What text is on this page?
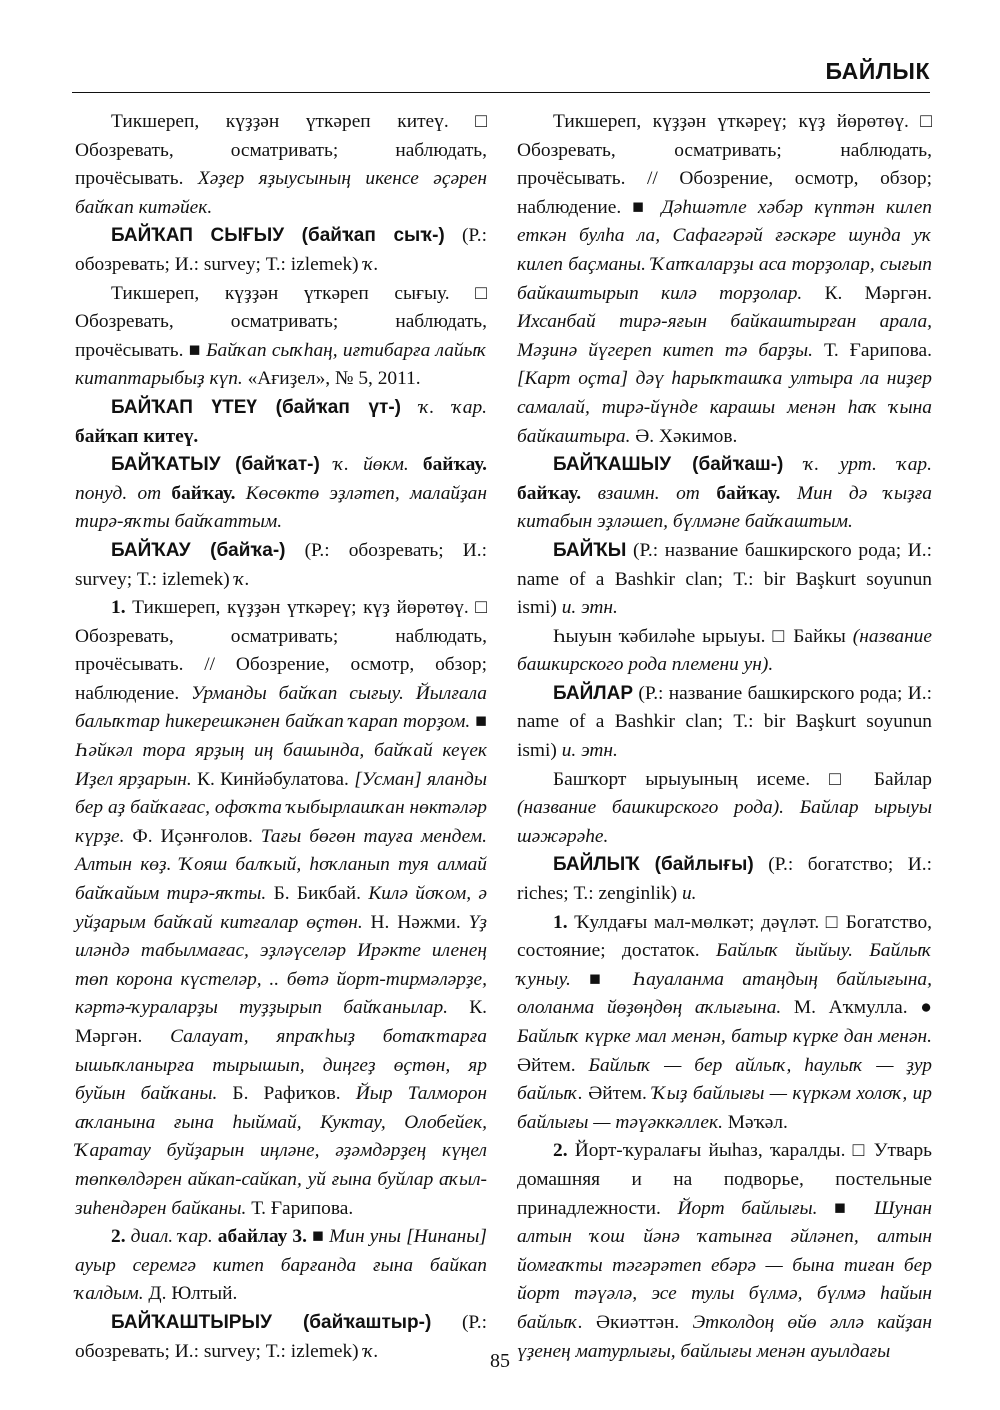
БАЙЛЫК

Тикшереп, күҙҙән үткәреп китеү. □ Обозревать, осматривать; наблюдать, прочёсывать. Хәҙер яҙыусының икенсе әҫәрен байҡап китәйек.

БАЙҠАП СЫҒЫУ (байҡап сыҡ-) (Р.: обозревать; И.: survey; Т.: izlemek) ҡ.

Тикшереп, күҙҙән үткәреп сығыу. □ Обозревать, осматривать; наблюдать, прочёсывать. ■ Байҡап сыҡһаң, иғтибарға лайыҡ китаптарыбыҙ күп. «Ағиҙел», № 5, 2011.

БАЙҠАП ҮТЕҮ (байҡап үт-) ҡ. ҡар. байҡап китеү.

БАЙҠАТЫУ (байҡат-) ҡ. йөкм. байҡау. понуд. от байҡау. Көсөктө эҙләтеп, малайҙан тирә-яҡты байҡаттым.

БАЙҠАУ (байҡа-) (Р.: обозревать; И.: survey; Т.: izlemek) ҡ.

1. Тикшереп, күҙҙән үткәреү; күҙ йөрөтөү. □ Обозревать, осматривать; наблюдать, прочёсывать. // Обозрение, осмотр, обзор; наблюдение. Урманды байҡап сығыу. Йылғала балыҡтар һикерешкәнен байҡап ҡарап торҙом. ■ Һәйкәл тора ярҙың иң башында, байҡай кеүек Иҙел ярҙарын. К. Кинйәбулатова. [Усман] яланды бер аҙ байҡағас, офоҡта ҡыбырлашҡан нөктәләр күрҙе. Ф. Иҫәнғолов. Тағы бөгөн тауға мендем. Алтын көҙ. Ҡояш балҡый, һоҡланып туя алмай байҡайым тирә-яҡты. Б. Бикбай. Килә йоҡом, ә уйҙарым байҡай китғалар өҫтөн. Н. Нәжми. Үҙ иләндә табылмағас, эҙләүселәр Ирәкте иленең төп корона күстеләр, .. бөтә йорт-тирмәләрҙе, кәртә-ҡураларҙы туҙҙырып байҡанылар. К. Мәргән. Салауат, япраҡһыҙ ботаҡтарға ышыҡланырға тырышып, диңгеҙ өҫтөн, яр буйын байҡаны. Б. Рафиҡов. Йыр Талморон аҡланына ғына һыймай, Куктау, Олобейек, Ҡаратау буйҙарын иңләне, әҙәмдәрҙең күңел төпкөлдәрен айкап-сайкап, уй ғына буйлар аҡыл-зиһендәрен байканы. Т. Ғарипова.

2. диал. ҡар. абайлау 3. ■ Мин уны [Нинаны] ауыр серемгә китеп барғанда ғына байкап ҡалдым. Д. Юлтый.

БАЙҠАШТЫРЫУ (байҡаштыр-) (Р.: обозревать; И.: survey; Т.: izlemek) ҡ.

Тикшереп, күҙҙән үткәреү; күҙ йөрөтөү. □ Обозревать, осматривать; наблюдать, прочёсывать. // Обозрение, осмотр, обзор; наблюдение. ■ Дәһшәтле хәбәр күптән килеп еткән булһа ла, Сафагәрәй ғәскәре шунда уҡ килеп баҫманы. Ҡапҡаларҙы аса торҙолар, сығып байкаштырып килә торҙолар. К. Мәргән. Ихсанбай тирә-яғын байкаштырған арала, Мәҙинә йүгереп китеп тә барҙы. Т. Ғарипова. [Карт оҫта] дәү һарыҡташҡа ултыра ла ниҙер самалай, тирә-йүнде карашы менән һаҡ ҡына байкаштыра. Ә. Хәкимов.

БАЙҠАШЫУ (байҡаш-) ҡ. урт. ҡар. байҡау. взаимн. от байҡау. Мин дә ҡыҙға китабын эҙләшеп, бүлмәне байҡаштым.

БАЙҠЫ (Р.: название башкирского рода; И.: name of a Bashkir clan; Т.: bir Başkurt soyunun ismi) и. этн.

Һыуын ҡәбиләһе ырыуы. □ Байкы (название башкирского рода племени ун).

БАЙЛАР (Р.: название башкирского рода; И.: name of a Bashkir clan; Т.: bir Başkurt soyunun ismi) и. этн.

Башҡорт ырыуының исеме. □ Байлар (название башкирского рода). Байлар ырыуы шәжәрәһе.

БАЙЛЫҠ (байлығы) (Р.: богатство; И.: riches; Т.: zenginlik) и.

1. Ҡулдағы мал-мөлкәт; дәүләт. □ Богатство, состояние; достаток. Байлыҡ йыйыу. Байлыҡ ҡуныу. ■ Һауаланма атаңдың байлығына, ололанма йөҙөңдөң аҡлығына. М. Аҡмулла. ● Байлыҡ күрке мал менән, батыр күрке дан менән. Әйтем. Байлыҡ — бер айлыҡ, һаулыҡ — ҙур байлыҡ. Әйтем. Ҡыҙ байлығы — күркәм холоҡ, ир байлығы — тәүәккәллек. Мәҡәл.

2. Йорт-ҡуралағы йыһаз, ҡаралды. □ Утварь домашняя и на подворье, постельные принадлежности. Йорт байлығы. ■ Шунан алтын ҡош йәнә ҡатынға әйләнеп, алтын йомғаҡты тәгәрәтеп ебәрә — бына тиған бер йорт тәүәлә, эсе тулы бүлмә, бүлмә һайын байлыҡ. Әкиәттән. Этколдоң өйө әллә кайҙан үҙенең матурлығы, байлығы менән ауылдағы

85
